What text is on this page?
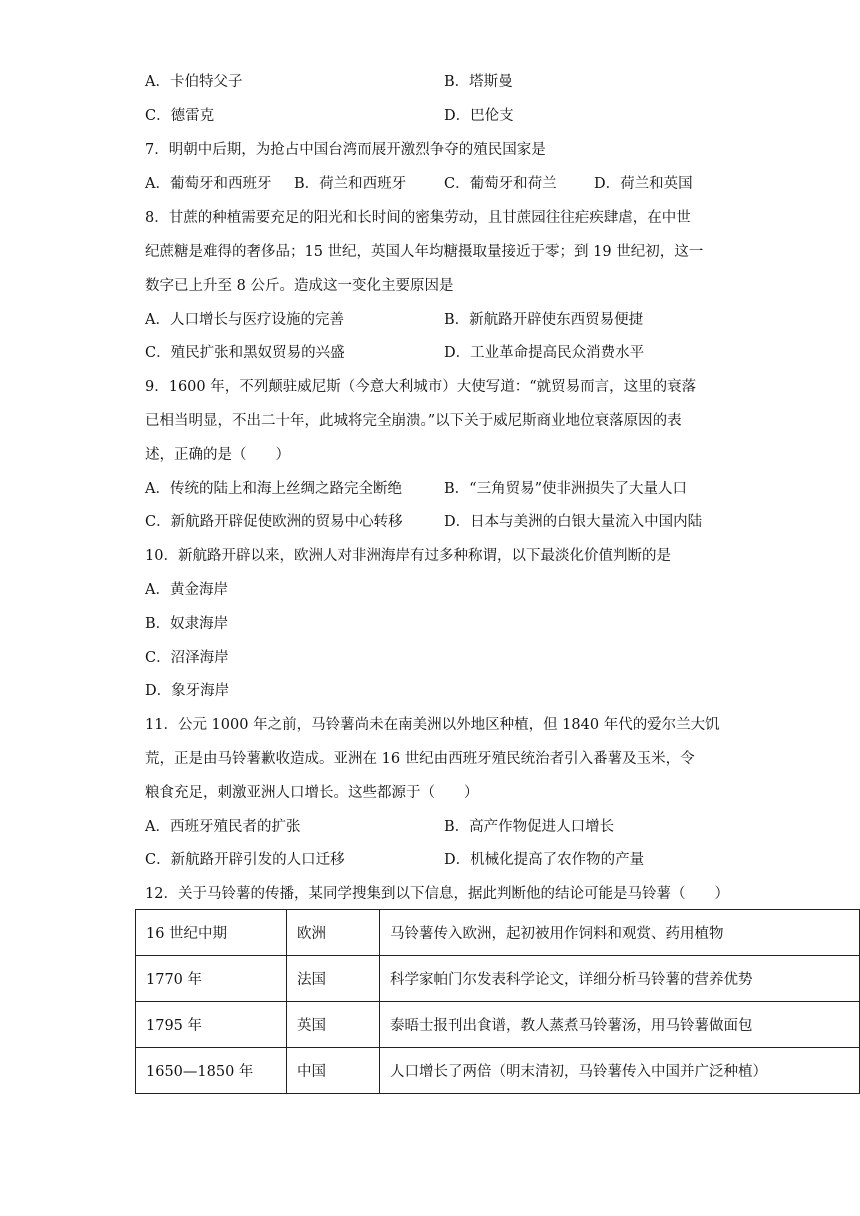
A．卡伯特父子	B．塔斯曼
C．德雷克	D．巴伦支
7．明朝中后期，为抢占中国台湾而展开激烈争夺的殖民国家是
A．葡萄牙和西班牙 B．荷兰和西班牙	C．葡萄牙和荷兰	D．荷兰和英国
8．甘蔗的种植需要充足的阳光和长时间的密集劳动，且甘蔗园往往疟疾肆虐，在中世
纪蔗糖是难得的奢侈品；15 世纪，英国人年均糖摄取量接近于零；到 19 世纪初，这一
数字已上升至 8 公斤。造成这一变化主要原因是
A．人口增长与医疗设施的完善	B．新航路开辟使东西贸易便捷
C．殖民扩张和黑奴贸易的兴盛	D．工业革命提高民众消费水平
9．1600 年，不列颠驻威尼斯（今意大利城市）大使写道：“就贸易而言，这里的衰落
已相当明显，不出二十年，此城将完全崩溃。”以下关于威尼斯商业地位衰落原因的表
述，正确的是（　　）
A．传统的陆上和海上丝绸之路完全断绝	B．“三角贸易”使非洲损失了大量人口
C．新航路开辟促使欧洲的贸易中心转移	D．日本与美洲的白银大量流入中国内陆
10．新航路开辟以来，欧洲人对非洲海岸有过多种称谓，以下最淡化价值判断的是
A．黄金海岸
B．奴隶海岸
C．沼泽海岸
D．象牙海岸
11．公元 1000 年之前，马铃薯尚未在南美洲以外地区种植，但 1840 年代的爱尔兰大饥
荒，正是由马铃薯歉收造成。亚洲在 16 世纪由西班牙殖民统治者引入番薯及玉米，令
粮食充足，刺激亚洲人口增长。这些都源于（　　）
A．西班牙殖民者的扩张	B．高产作物促进人口增长
C．新航路开辟引发的人口迁移	D．机械化提高了农作物的产量
12．关于马铃薯的传播，某同学搜集到以下信息，据此判断他的结论可能是马铃薯（　　）
16 世纪中期	欧洲	马铃薯传入欧洲，起初被用作饲料和观赏、药用植物
1770 年	法国	科学家帕门尔发表科学论文，详细分析马铃薯的营养优势
1795 年	英国	泰晤士报刊出食谱，教人蒸煮马铃薯汤，用马铃薯做面包
1650—1850 年	中国	人口增长了两倍（明末清初，马铃薯传入中国并广泛种植）
